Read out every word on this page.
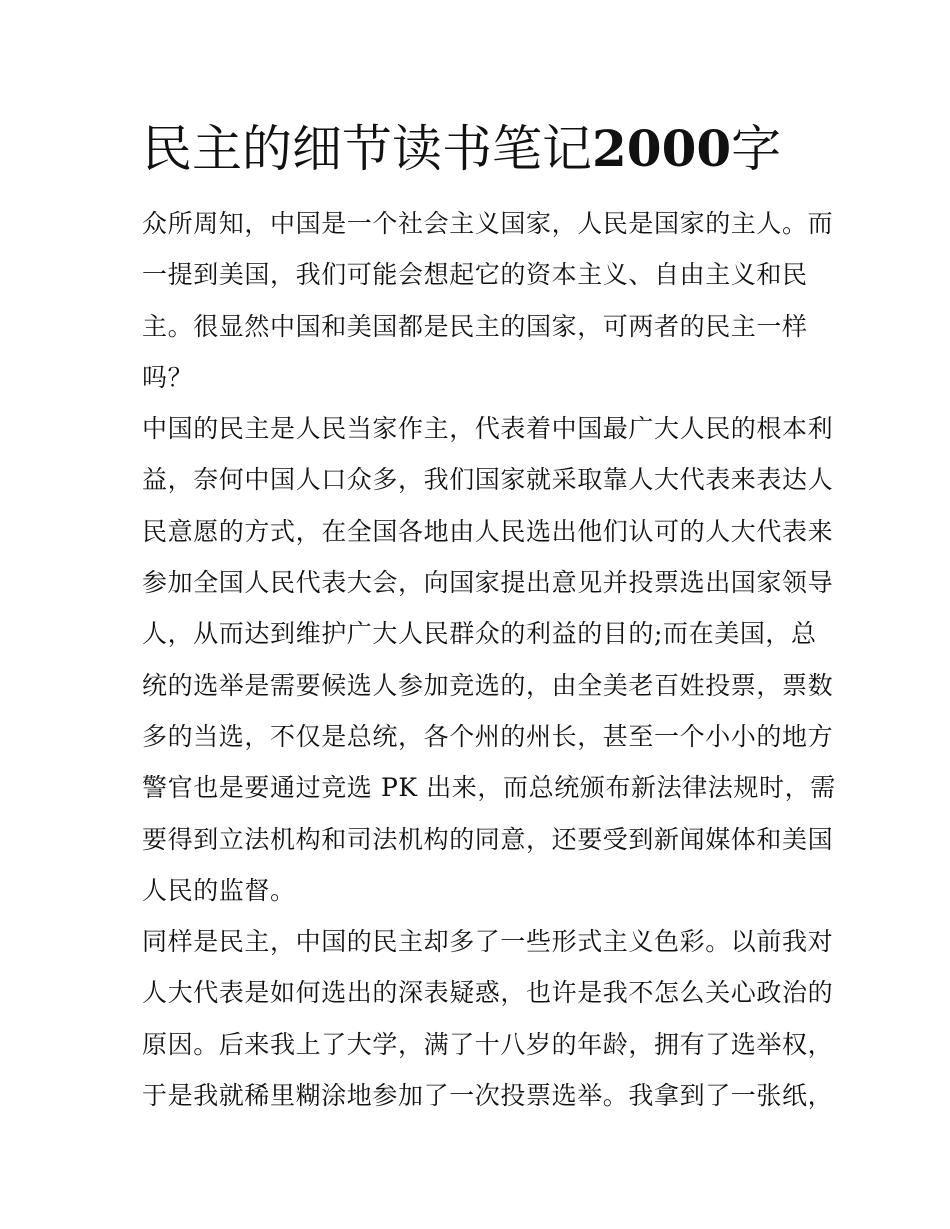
民主的细节读书笔记2000字
众所周知，中国是一个社会主义国家，人民是国家的主人。而
一提到美国，我们可能会想起它的资本主义、自由主义和民
主。很显然中国和美国都是民主的国家，可两者的民主一样
吗？
中国的民主是人民当家作主，代表着中国最广大人民的根本利
益，奈何中国人口众多，我们国家就采取靠人大代表来表达人
民意愿的方式，在全国各地由人民选出他们认可的人大代表来
参加全国人民代表大会，向国家提出意见并投票选出国家领导
人，从而达到维护广大人民群众的利益的目的;而在美国，总
统的选举是需要候选人参加竞选的，由全美老百姓投票，票数
多的当选，不仅是总统，各个州的州长，甚至一个小小的地方
警官也是要通过竞选 PK 出来，而总统颁布新法律法规时，需
要得到立法机构和司法机构的同意，还要受到新闻媒体和美国
人民的监督。
同样是民主，中国的民主却多了一些形式主义色彩。以前我对
人大代表是如何选出的深表疑惑，也许是我不怎么关心政治的
原因。后来我上了大学，满了十八岁的年龄，拥有了选举权，
于是我就稀里糊涂地参加了一次投票选举。我拿到了一张纸，
